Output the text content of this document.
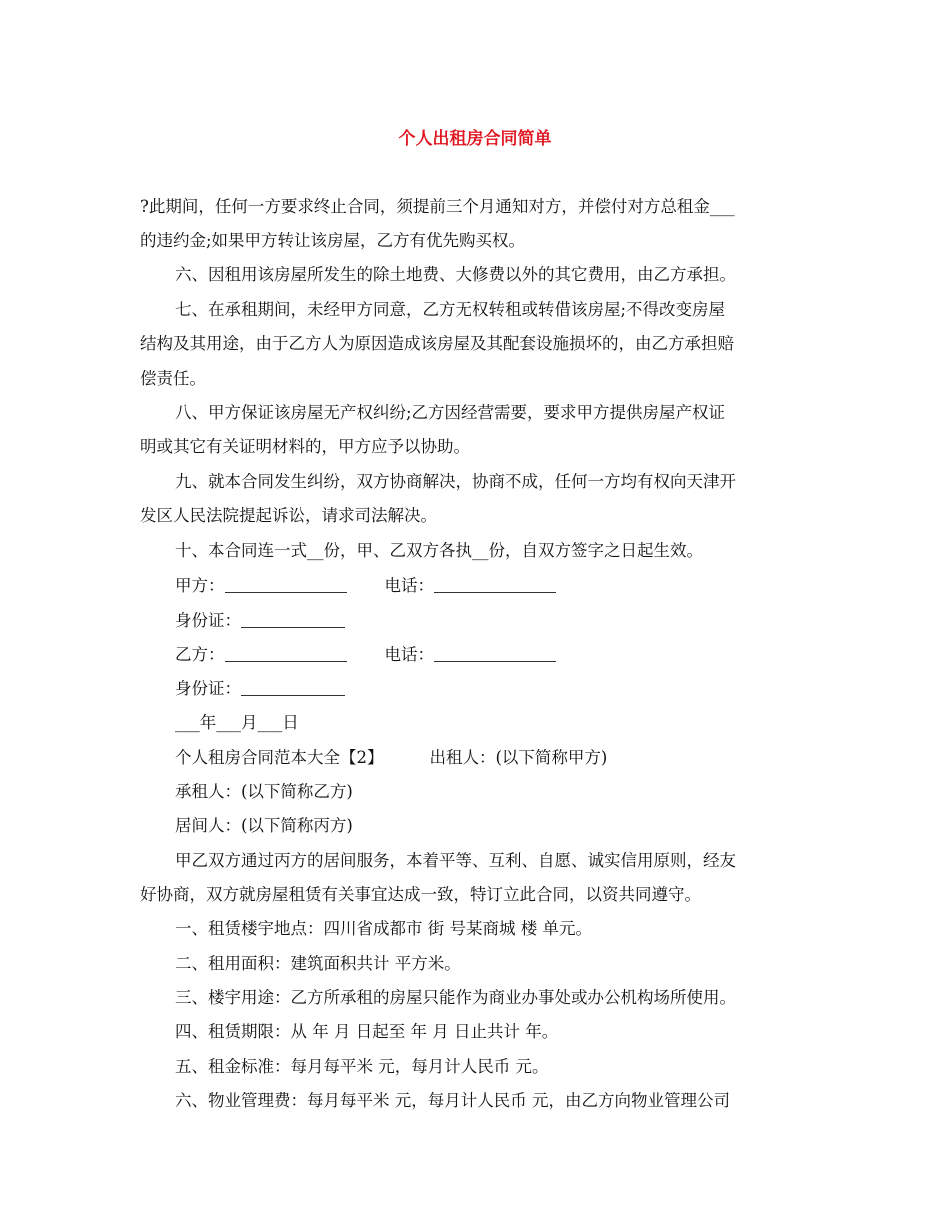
个人出租房合同简单
?此期间，任何一方要求终止合同，须提前三个月通知对方，并偿付对方总租金___
的违约金;如果甲方转让该房屋，乙方有优先购买权。
六、因租用该房屋所发生的除土地费、大修费以外的其它费用，由乙方承担。
七、在承租期间，未经甲方同意，乙方无权转租或转借该房屋;不得改变房屋
结构及其用途，由于乙方人为原因造成该房屋及其配套设施损坏的，由乙方承担赔
偿责任。
八、甲方保证该房屋无产权纠纷;乙方因经营需要，要求甲方提供房屋产权证
明或其它有关证明材料的，甲方应予以协助。
九、就本合同发生纠纷，双方协商解决，协商不成，任何一方均有权向天津开
发区人民法院提起诉讼，请求司法解决。
十、本合同连一式__份，甲、乙双方各执__份，自双方签字之日起生效。
甲方：	电话：
身份证：
乙方：	电话：
身份证：
___年___月___日
个人租房合同范本大全【2】	出租人：(以下简称甲方)
承租人：(以下简称乙方)
居间人：(以下简称丙方)
甲乙双方通过丙方的居间服务，本着平等、互利、自愿、诚实信用原则，经友
好协商，双方就房屋租赁有关事宜达成一致，特订立此合同，以资共同遵守。
一、租赁楼宇地点：四川省成都市 街 号某商城 楼 单元。
二、租用面积：建筑面积共计 平方米。
三、楼宇用途：乙方所承租的房屋只能作为商业办事处或办公机构场所使用。
四、租赁期限：从 年 月 日起至 年 月 日止共计 年。
五、租金标准：每月每平米 元，每月计人民币 元。
六、物业管理费：每月每平米 元，每月计人民币 元，由乙方向物业管理公司
